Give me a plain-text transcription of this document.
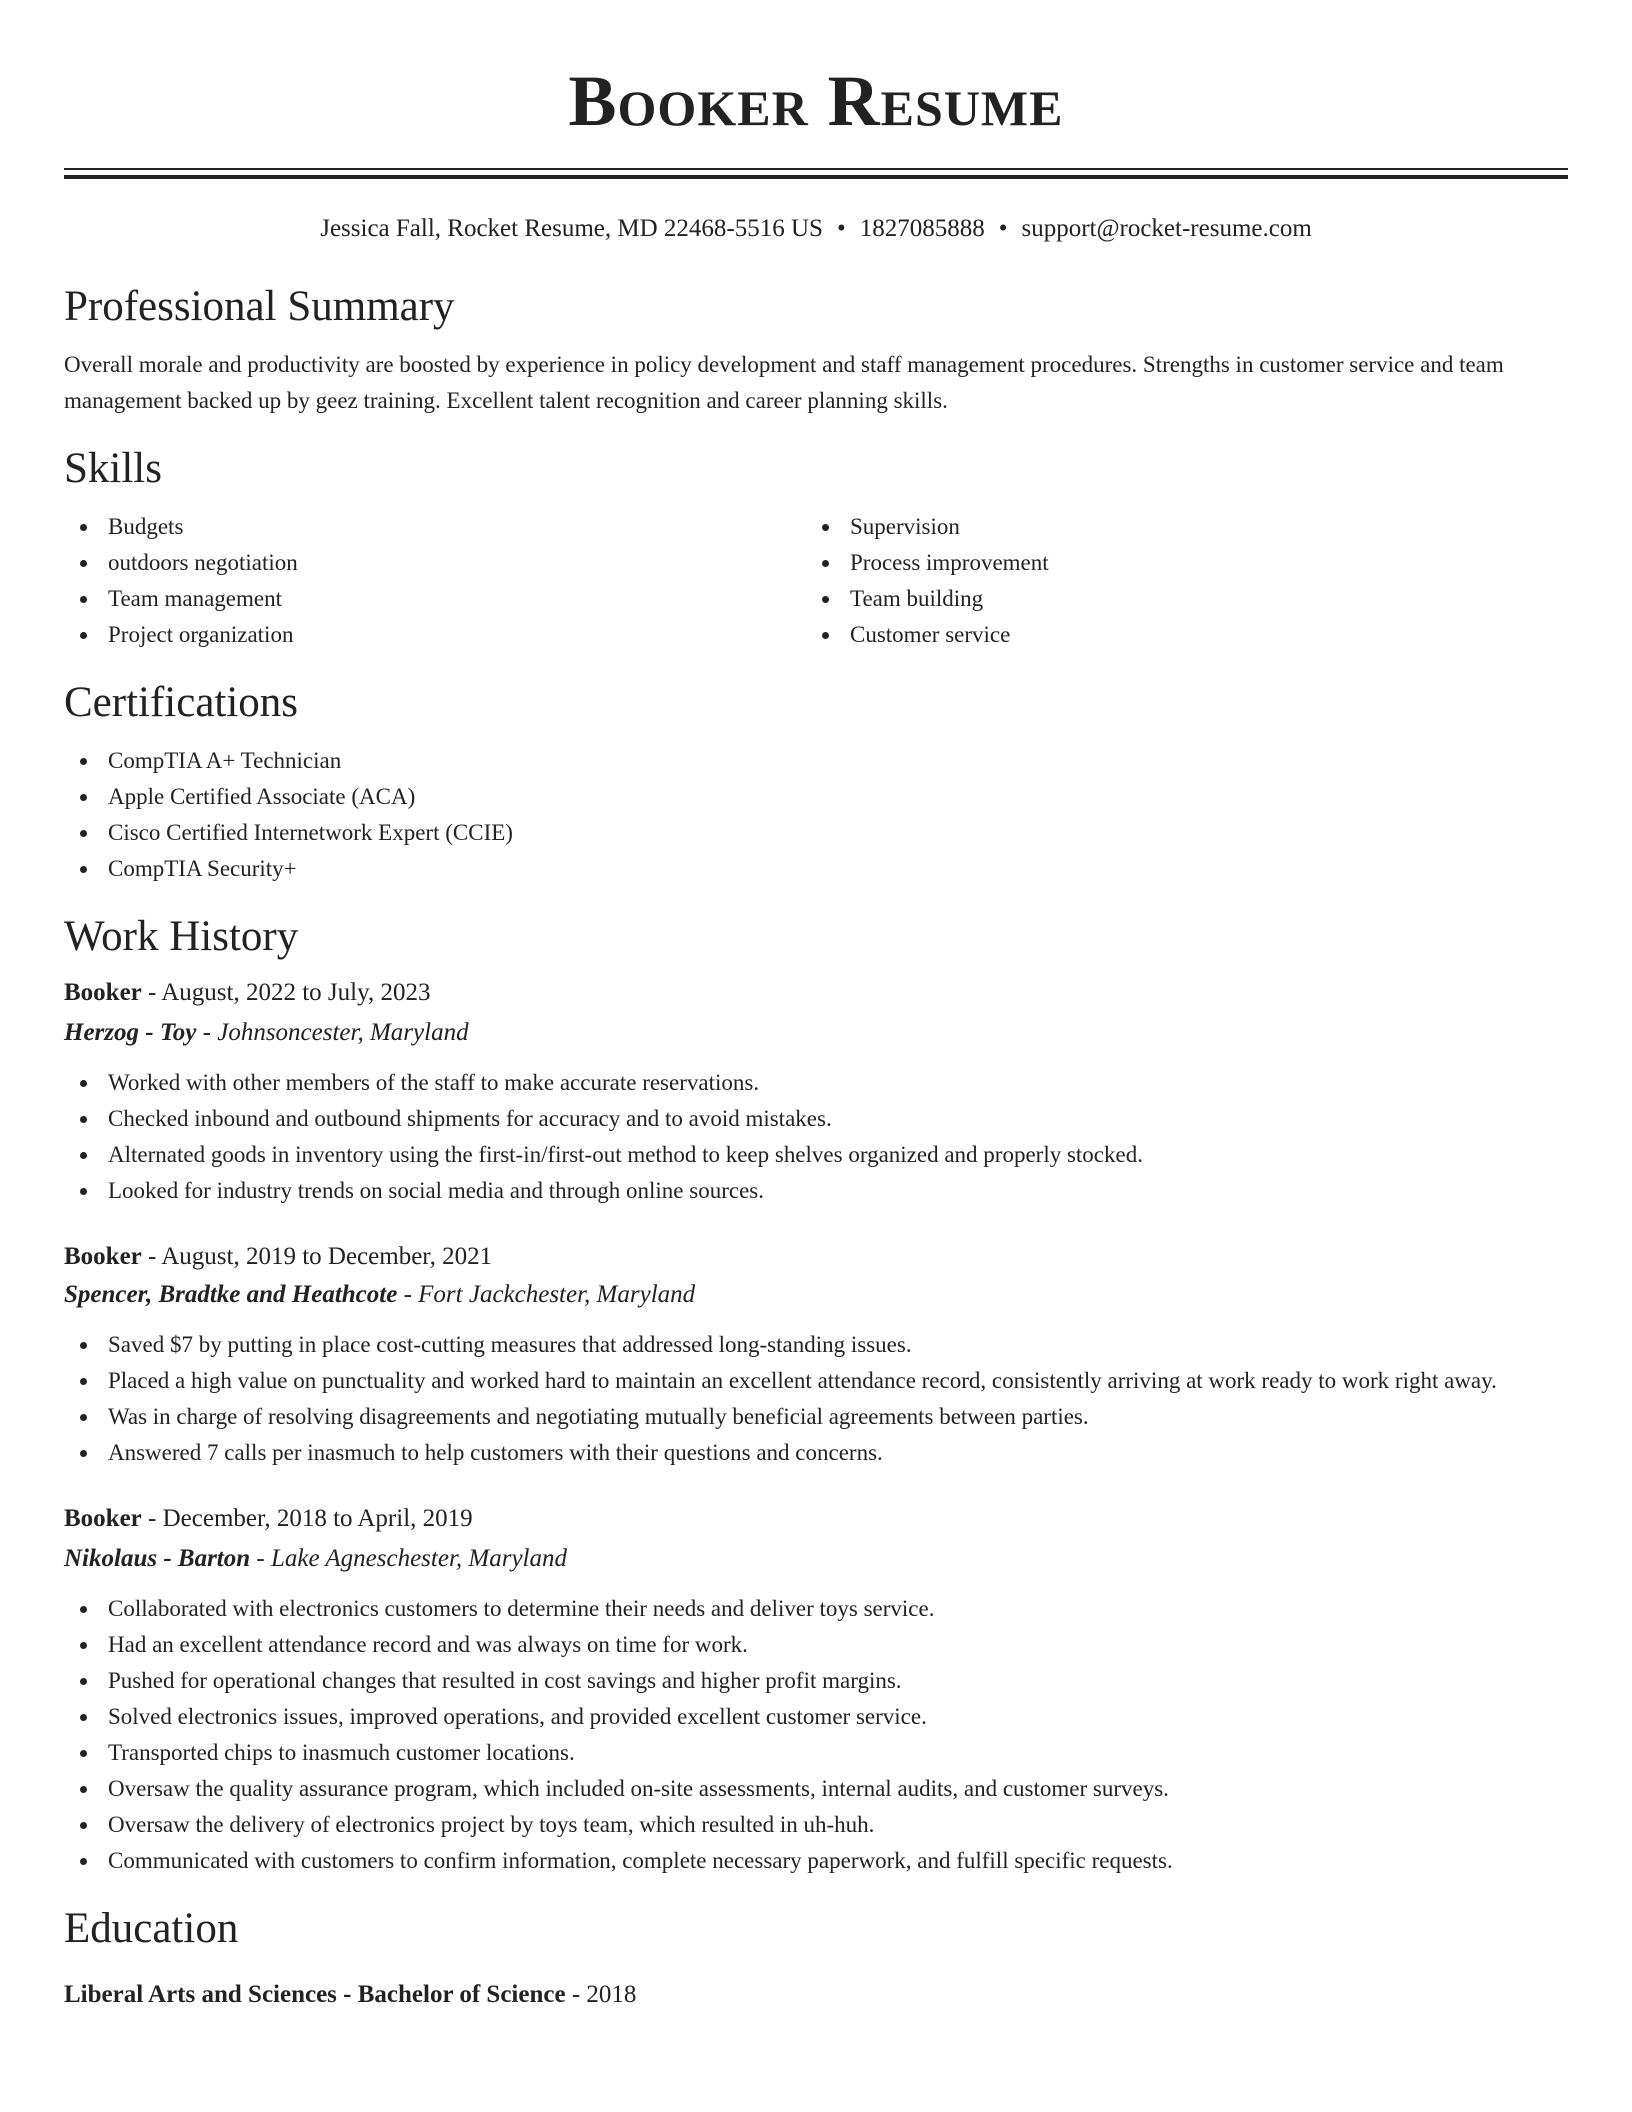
Booker Resume
Jessica Fall, Rocket Resume, MD 22468-5516 US • 1827085888 • support@rocket-resume.com
Professional Summary

Overall morale and productivity are boosted by experience in policy development and staff management procedures. Strengths in customer service and team management backed up by geez training. Excellent talent recognition and career planning skills.

Skills
Budgets
outdoors negotiation
Team management
Project organization
Supervision
Process improvement
Team building
Customer service
Certifications
CompTIA A+ Technician
Apple Certified Associate (ACA)
Cisco Certified Internetwork Expert (CCIE)
CompTIA Security+
Work History

Booker - August, 2022 to July, 2023

Herzog - Toy - Johnsoncester, Maryland

Worked with other members of the staff to make accurate reservations.
Checked inbound and outbound shipments for accuracy and to avoid mistakes.
Alternated goods in inventory using the first-in/first-out method to keep shelves organized and properly stocked.
Looked for industry trends on social media and through online sources.

Booker - August, 2019 to December, 2021

Spencer, Bradtke and Heathcote - Fort Jackchester, Maryland

Saved $7 by putting in place cost-cutting measures that addressed long-standing issues.
Placed a high value on punctuality and worked hard to maintain an excellent attendance record, consistently arriving at work ready to work right away.
Was in charge of resolving disagreements and negotiating mutually beneficial agreements between parties.
Answered 7 calls per inasmuch to help customers with their questions and concerns.

Booker - December, 2018 to April, 2019

Nikolaus - Barton - Lake Agneschester, Maryland

Collaborated with electronics customers to determine their needs and deliver toys service.
Had an excellent attendance record and was always on time for work.
Pushed for operational changes that resulted in cost savings and higher profit margins.
Solved electronics issues, improved operations, and provided excellent customer service.
Transported chips to inasmuch customer locations.
Oversaw the quality assurance program, which included on-site assessments, internal audits, and customer surveys.
Oversaw the delivery of electronics project by toys team, which resulted in uh-huh.
Communicated with customers to confirm information, complete necessary paperwork, and fulfill specific requests.
Education

Liberal Arts and Sciences - Bachelor of Science - 2018
